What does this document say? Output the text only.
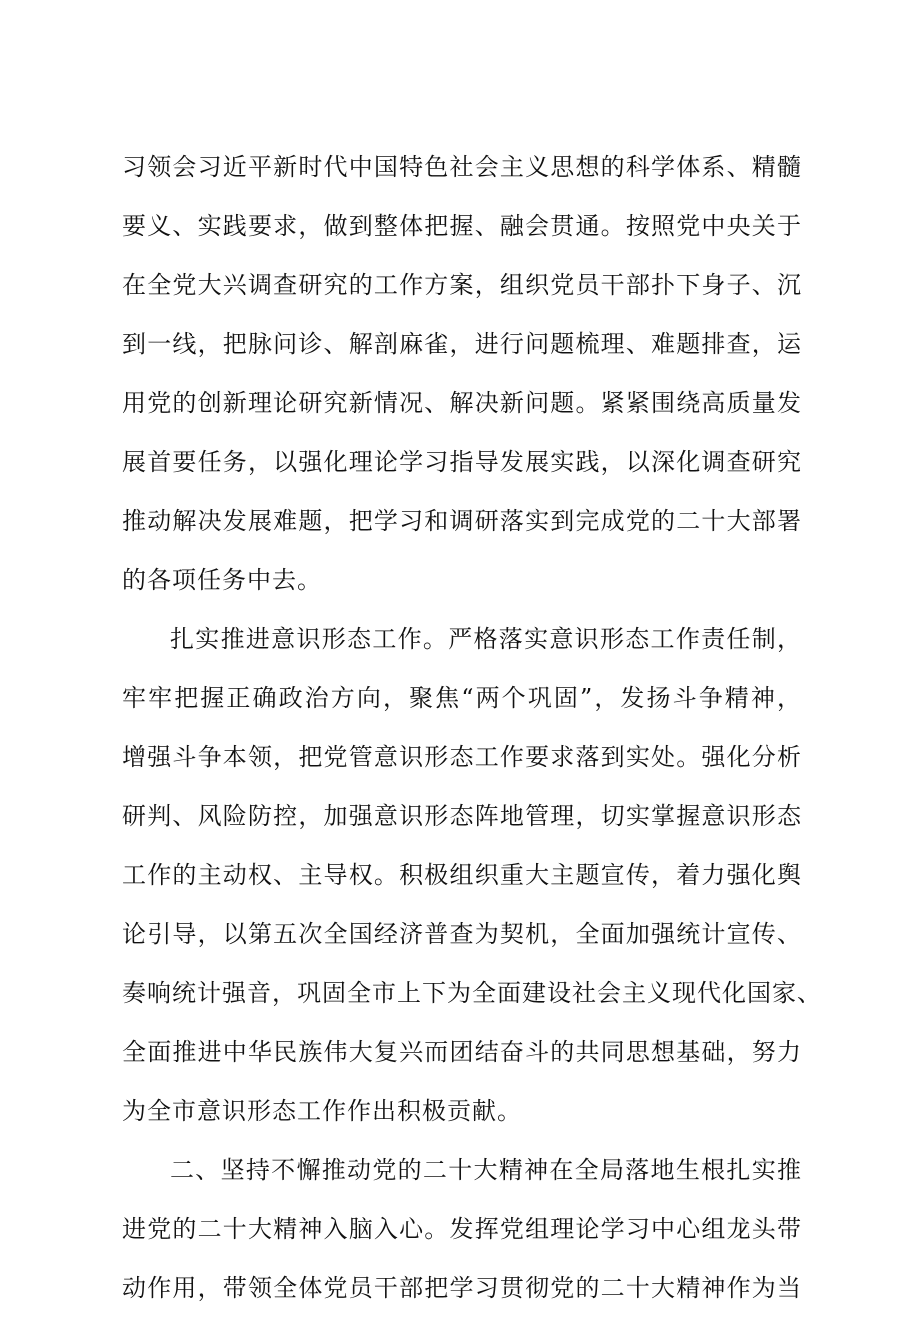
习领会习近平新时代中国特色社会主义思想的科学体系、精髓
要义、实践要求，做到整体把握、融会贯通。按照党中央关于
在全党大兴调查研究的工作方案，组织党员干部扑下身子、沉
到一线，把脉问诊、解剖麻雀，进行问题梳理、难题排查，运
用党的创新理论研究新情况、解决新问题。紧紧围绕高质量发
展首要任务，以强化理论学习指导发展实践，以深化调查研究
推动解决发展难题，把学习和调研落实到完成党的二十大部署
的各项任务中去。
扎实推进意识形态工作。严格落实意识形态工作责任制，
牢牢把握正确政治方向，聚焦“两个巩固”，发扬斗争精神，
增强斗争本领，把党管意识形态工作要求落到实处。强化分析
研判、风险防控，加强意识形态阵地管理，切实掌握意识形态
工作的主动权、主导权。积极组织重大主题宣传，着力强化舆
论引导，以第五次全国经济普查为契机，全面加强统计宣传、
奏响统计强音，巩固全市上下为全面建设社会主义现代化国家、
全面推进中华民族伟大复兴而团结奋斗的共同思想基础，努力
为全市意识形态工作作出积极贡献。
二、坚持不懈推动党的二十大精神在全局落地生根扎实推
进党的二十大精神入脑入心。发挥党组理论学习中心组龙头带
动作用，带领全体党员干部把学习贯彻党的二十大精神作为当
